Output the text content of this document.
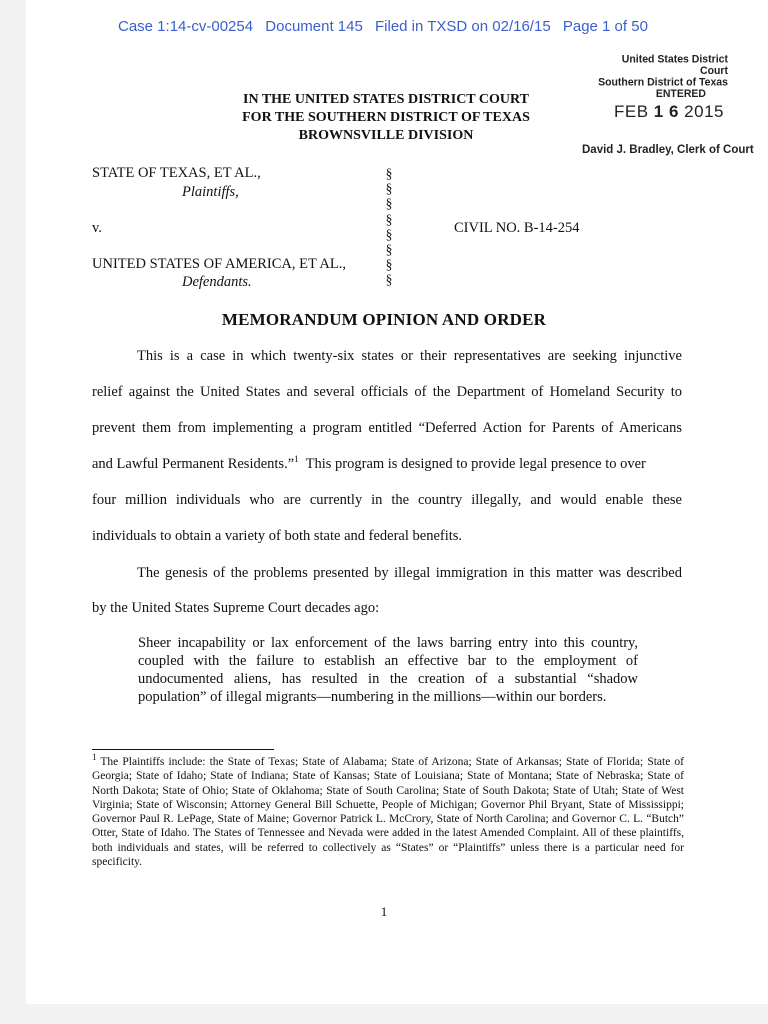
Case 1:14-cv-00254 Document 145 Filed in TXSD on 02/16/15 Page 1 of 50
United States District Court
Southern District of Texas
ENTERED
FEB 1 6 2015
David J. Bradley, Clerk of Court
IN THE UNITED STATES DISTRICT COURT
FOR THE SOUTHERN DISTRICT OF TEXAS
BROWNSVILLE DIVISION
STATE OF TEXAS, ET AL.,
Plaintiffs,
v.
UNITED STATES OF AMERICA, ET AL.,
Defendants.
CIVIL NO. B-14-254
§
§
§
§
§
§
§
§
MEMORANDUM OPINION AND ORDER
This is a case in which twenty-six states or their representatives are seeking injunctive
relief against the United States and several officials of the Department of Homeland Security to
prevent them from implementing a program entitled “Deferred Action for Parents of Americans
and Lawful Permanent Residents.”$^1$  This program is designed to provide legal presence to over
four million individuals who are currently in the country illegally, and would enable these
individuals to obtain a variety of both state and federal benefits.
The genesis of the problems presented by illegal immigration in this matter was described
by the United States Supreme Court decades ago:
Sheer incapability or lax enforcement of the laws barring entry into this country, coupled with the failure to establish an effective bar to the employment of undocumented aliens, has resulted in the creation of a substantial “shadow population” of illegal migrants—numbering in the millions—within our borders.
$^1$ The Plaintiffs include: the State of Texas; State of Alabama; State of Arizona; State of Arkansas; State of Florida; State of Georgia; State of Idaho; State of Indiana; State of Kansas; State of Louisiana; State of Montana; State of Nebraska; State of North Dakota; State of Ohio; State of Oklahoma; State of South Carolina; State of South Dakota; State of Utah; State of West Virginia; State of Wisconsin; Attorney General Bill Schuette, People of Michigan; Governor Phil Bryant, State of Mississippi; Governor Paul R. LePage, State of Maine; Governor Patrick L. McCrory, State of North Carolina; and Governor C. L. “Butch” Otter, State of Idaho. The States of Tennessee and Nevada were added in the latest Amended Complaint. All of these plaintiffs, both individuals and states, will be referred to collectively as “States” or “Plaintiffs” unless there is a particular need for specificity.
1
